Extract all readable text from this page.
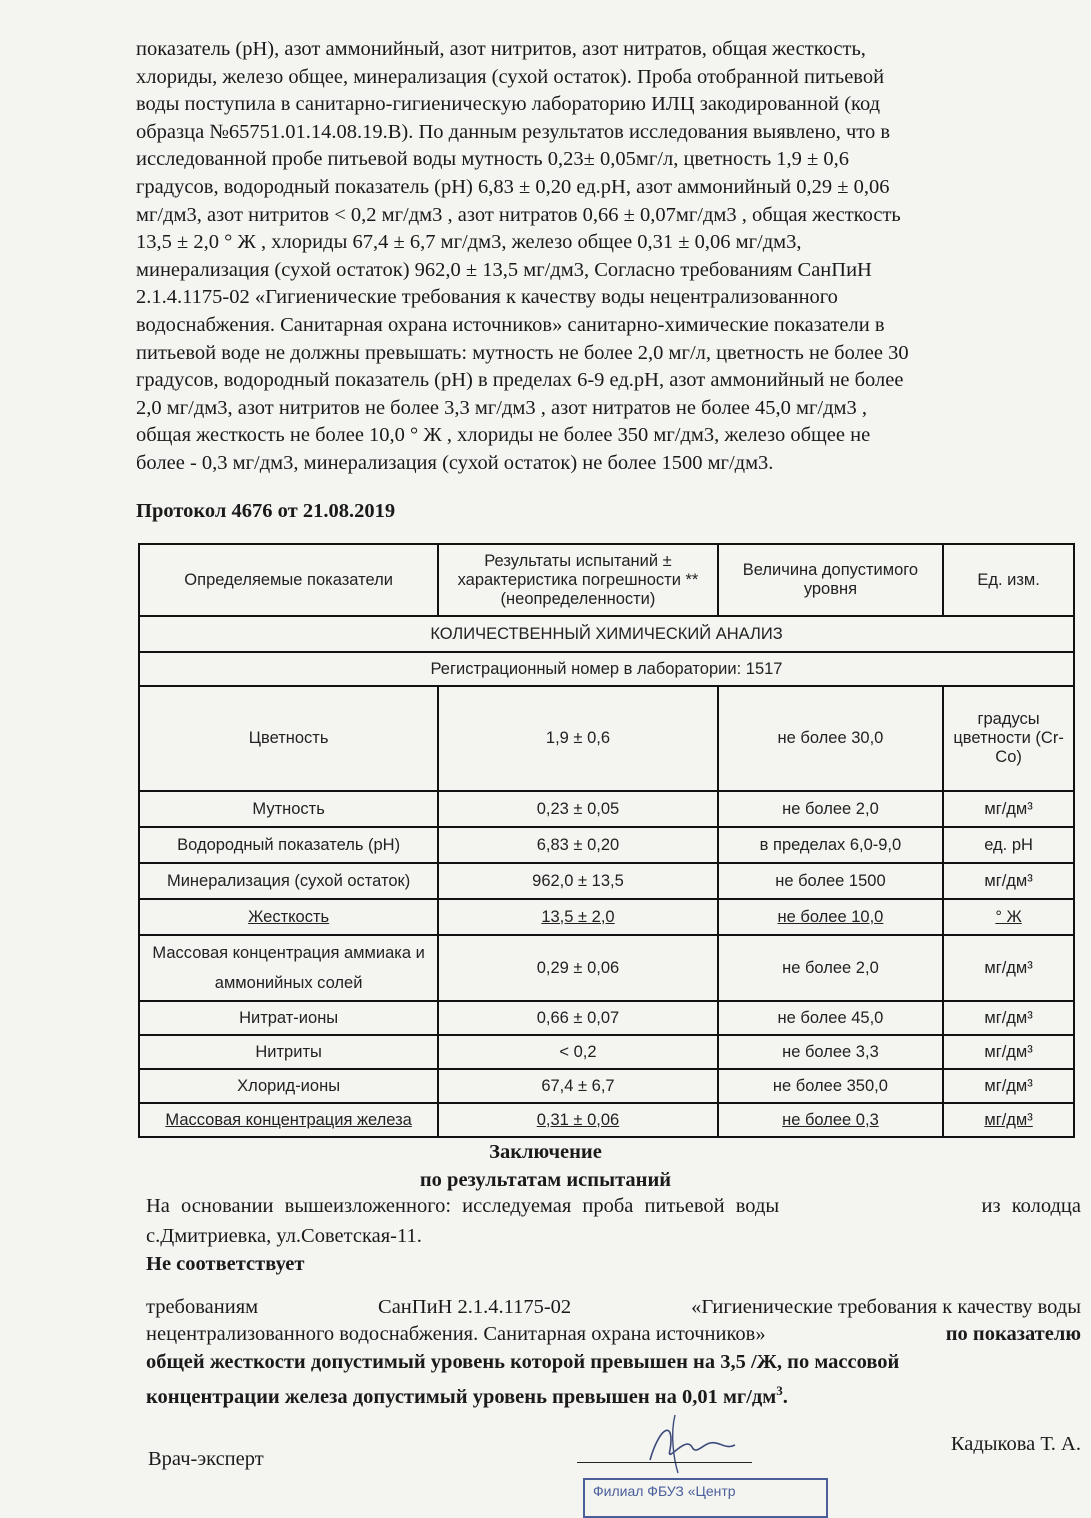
показатель (pH), азот аммонийный, азот нитритов, азот нитратов, общая жесткость,
хлориды, железо общее, минерализация (сухой остаток). Проба отобранной питьевой
воды поступила в санитарно-гигиеническую лабораторию ИЛЦ закодированной (код
образца №65751.01.14.08.19.В). По данным результатов исследования выявлено, что в
исследованной пробе питьевой воды мутность 0,23± 0,05мг/л, цветность 1,9 ± 0,6
градусов, водородный показатель (pH) 6,83 ± 0,20 ед.pH, азот аммонийный 0,29 ± 0,06
мг/дм3, азот нитритов < 0,2 мг/дм3 , азот нитратов 0,66 ± 0,07мг/дм3 , общая жесткость
13,5 ± 2,0 ° Ж , хлориды 67,4 ± 6,7 мг/дм3, железо общее 0,31 ± 0,06 мг/дм3,
минерализация (сухой остаток) 962,0 ± 13,5 мг/дм3, Согласно требованиям СанПиН
2.1.4.1175-02 «Гигиенические требования к качеству воды нецентрализованного
водоснабжения. Санитарная охрана источников» санитарно-химические показатели в
питьевой воде не должны превышать: мутность не более 2,0 мг/л, цветность не более 30
градусов, водородный показатель (pH) в пределах 6-9 ед.pH, азот аммонийный не более
2,0 мг/дм3, азот нитритов не более 3,3 мг/дм3 , азот нитратов не более 45,0 мг/дм3 ,
общая жесткость не более 10,0 ° Ж , хлориды не более 350 мг/дм3, железо общее не
более - 0,3 мг/дм3, минерализация (сухой остаток) не более 1500 мг/дм3.
Протокол 4676 от 21.08.2019
Определяемые показатели	Результаты испытаний ± характеристика погрешности **(неопределенности)	Величина допустимого уровня	Ед. изм.
КОЛИЧЕСТВЕННЫЙ ХИМИЧЕСКИЙ АНАЛИЗ			
Регистрационный номер в лаборатории: 1517			
Цветность	1,9 ± 0,6	не более 30,0	градусы цветности (Cr-Co)
Мутность	0,23 ± 0,05	не более 2,0	мг/дм³
Водородный показатель (pH)	6,83 ± 0,20	в пределах 6,0-9,0	ед. pH
Минерализация (сухой остаток)	962,0 ± 13,5	не более 1500	мг/дм³
Жесткость	13,5 ± 2,0	не более 10,0	° Ж
Массовая концентрация аммиака и аммонийных солей	0,29 ± 0,06	не более 2,0	мг/дм³
Нитрат-ионы	0,66 ± 0,07	не более 45,0	мг/дм³
Нитриты	< 0,2	не более 3,3	мг/дм³
Хлорид-ионы	67,4 ± 6,7	не более 350,0	мг/дм³
Массовая концентрация железа	0,31 ± 0,06	не более 0,3	мг/дм³
Заключение
по результатам испытаний
На основании вышеизложенного: исследуемая проба питьевой воды	из колодца
с.Дмитриевка, ул.Советская-11.
Не соответствует
требованиям	СанПиН 2.1.4.1175-02	«Гигиенические требования к качеству воды
нецентрализованного водоснабжения. Санитарная охрана источников»	по показателю
общей жесткости допустимый уровень которой превышен на 3,5 /Ж, по массовой
концентрации железа допустимый уровень превышен на 0,01 $мг/дм^3$.
Врач-эксперт
Кадыкова Т. А.
Филиал ФБУЗ «Центр
